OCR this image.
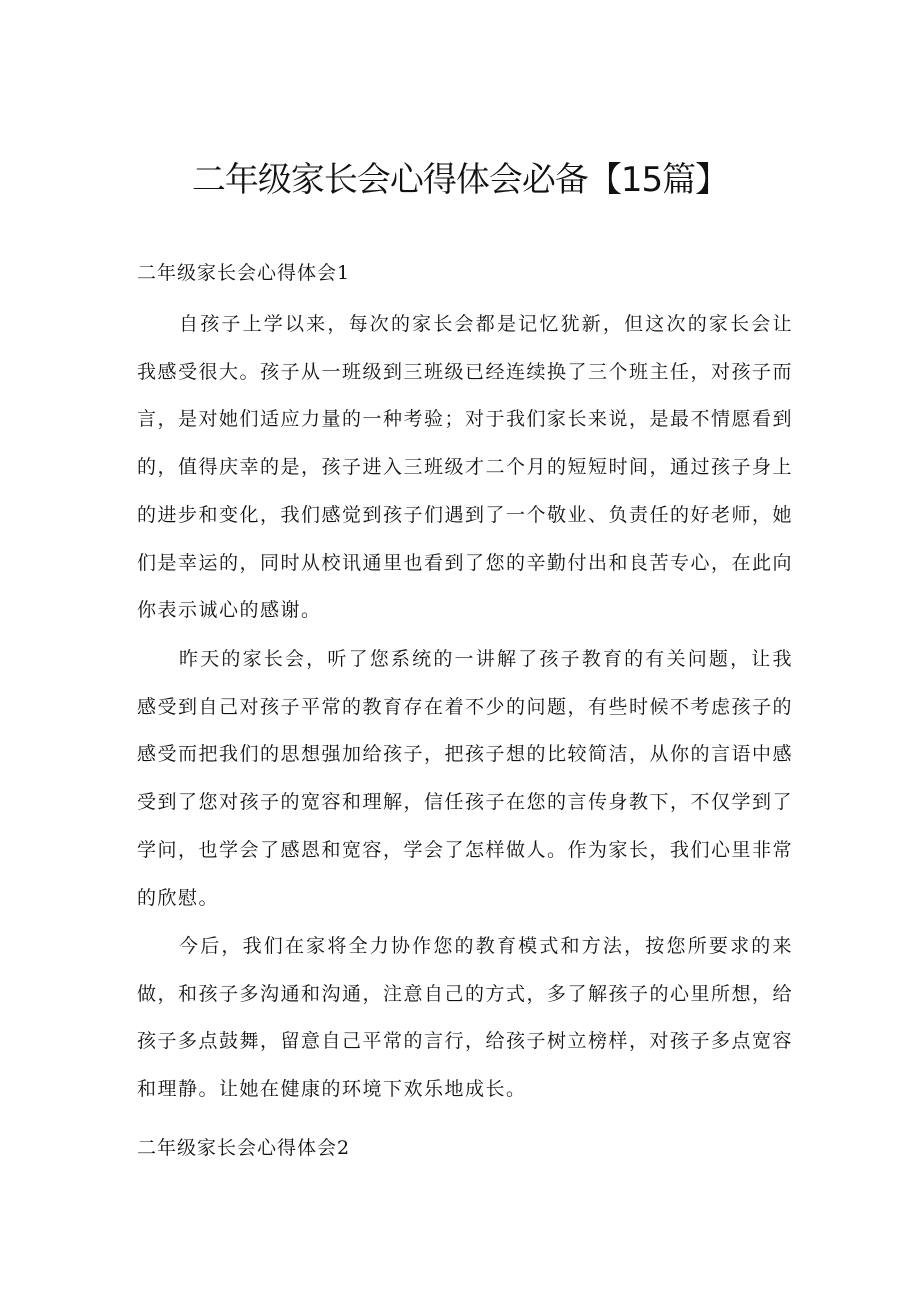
二年级家长会心得体会必备【15篇】
二年级家长会心得体会1

自孩子上学以来，每次的家长会都是记忆犹新，但这次的家长会让我感受很大。孩子从一班级到三班级已经连续换了三个班主任，对孩子而言，是对她们适应力量的一种考验；对于我们家长来说，是最不情愿看到的，值得庆幸的是，孩子进入三班级才二个月的短短时间，通过孩子身上的进步和变化，我们感觉到孩子们遇到了一个敬业、负责任的好老师，她们是幸运的，同时从校讯通里也看到了您的辛勤付出和良苦专心，在此向你表示诚心的感谢。

昨天的家长会，听了您系统的一讲解了孩子教育的有关问题，让我感受到自己对孩子平常的教育存在着不少的问题，有些时候不考虑孩子的感受而把我们的思想强加给孩子，把孩子想的比较简洁，从你的言语中感受到了您对孩子的宽容和理解，信任孩子在您的言传身教下，不仅学到了学问，也学会了感恩和宽容，学会了怎样做人。作为家长，我们心里非常的欣慰。

今后，我们在家将全力协作您的教育模式和方法，按您所要求的来做，和孩子多沟通和沟通，注意自己的方式，多了解孩子的心里所想，给孩子多点鼓舞，留意自己平常的言行，给孩子树立榜样，对孩子多点宽容和理静。让她在健康的环境下欢乐地成长。

二年级家长会心得体会2
